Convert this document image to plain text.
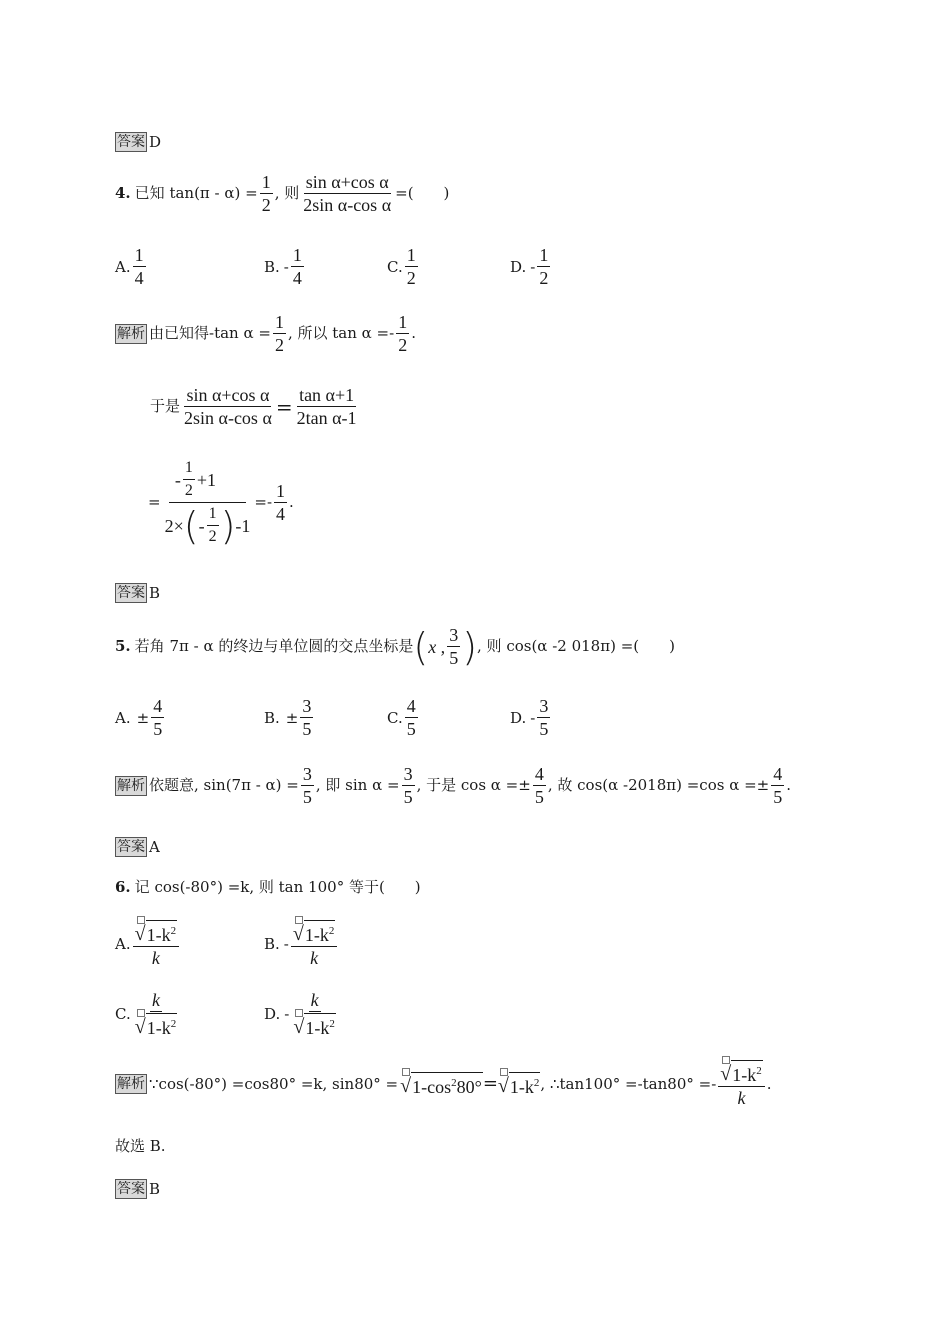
答案 D
4. 已知 $\tan(\pi - \alpha) = \frac{1}{2}$ , 则 $\frac{\text{sin α+cos α}}{\text{2sin α-cos α}}$ =(　　)
A. $\frac{1}{4}$	B. - $\frac{1}{4}$	C. $\frac{1}{2}$	D. - $\frac{1}{2}$
解析 由已知得-tan $\alpha = \frac{1}{2}$ , 所以 $\tan \alpha =- \frac{1}{2}$ .
于是 $\frac{\text{sin α+cos α}}{\text{2sin α-cos α}} = \frac{\text{tan α+1}}{\text{2tan α-1}}$
= $\frac{- \frac{1}{2} +1}{2\times ( - \frac{1}{2} ) -1} =- \frac{1}{4}$ .
答案 B
5. 若角 7π - α 的终边与单位圆的交点坐标是 ( x , $\frac{3}{5}$ ) , 则 cos(α -2 018π) =(　　)
A. ± $\frac{4}{5}$	B. ± $\frac{3}{5}$	C. $\frac{4}{5}$	D. - $\frac{3}{5}$
解析 依题意, $\sin(7\pi - \alpha) = \frac{3}{5}$ , 即 $\sin \alpha = \frac{3}{5}$ , 于是 $\cos \alpha =\pm \frac{4}{5}$ , 故 cos(α -2018π) =cos $\alpha =\pm \frac{4}{5}$ .
答案 A
6. 记 cos(-80°) =k, 则 tan 100° 等于(　　)
A. $\frac{√ 1-k^2}{k}$	B. - $\frac{√ 1-k^2}{k}$
C. $\frac{k}{√ 1-k^2}$	D. - $\frac{k}{√ 1-k^2}$
解析 ∵cos(-80°) =cos80° =k, sin80° = √ $1-\cos^280^\circ$ = √ $1-k^2$ , ∴tan100° $=-\tan 80^\circ =- \frac{√ 1-k^2}{k}$ .
故选 B.
答案 B
